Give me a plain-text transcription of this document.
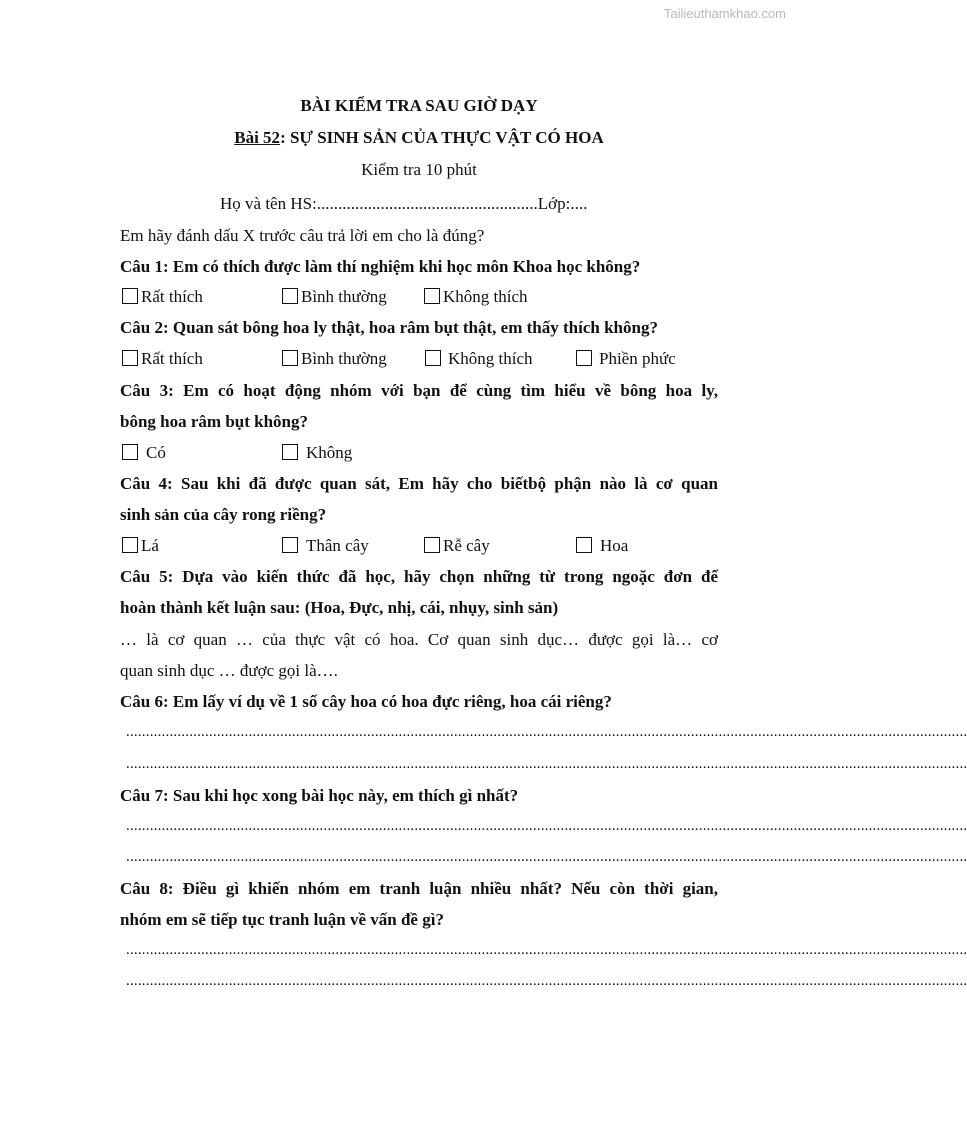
Tailieuthamkhao.com
BÀI KIỂM TRA SAU GIỜ DẠY
Bài 52: SỰ SINH SẢN CỦA THỰC VẬT CÓ HOA
Kiểm tra 10 phút
Họ và tên HS:....................................................Lớp:....
Em hãy đánh dấu X trước câu trả lời em cho là đúng?
Câu 1: Em có thích được làm thí nghiệm khi học môn Khoa học không?
Rất thích	Bình thường	Không thích
Câu 2: Quan sát bông hoa ly thật, hoa râm bụt thật, em thấy thích không?
Rất thích	Bình thường	Không thích	Phiền phức
Câu 3: Em có hoạt động nhóm với bạn để cùng tìm hiểu về bông hoa ly,
bông hoa râm bụt không?
Có	Không
Câu 4: Sau khi đã được quan sát, Em hãy cho biếtbộ phận nào là cơ quan
sinh sản của cây rong riềng?
Lá	Thân cây	Rễ cây	Hoa
Câu 5: Dựa vào kiến thức đã học, hãy chọn những từ trong ngoặc đơn để
hoàn thành kết luận sau: (Hoa, Đực, nhị, cái, nhụy, sinh sản)
… là cơ quan … của thực vật có hoa. Cơ quan sinh dục… được gọi là… cơ
quan sinh dục … được gọi là….
Câu 6: Em lấy ví dụ về 1 số cây hoa có hoa đực riêng, hoa cái riêng?
.....................................................................................................................................................................................................................
.....................................................................................................................................................................................................................
Câu 7: Sau khi học xong bài học này, em thích gì nhất?
.....................................................................................................................................................................................................................
.....................................................................................................................................................................................................................
Câu 8: Điều gì khiến nhóm em tranh luận nhiều nhất? Nếu còn thời gian,
nhóm em sẽ tiếp tục tranh luận về vấn đề gì?
.....................................................................................................................................................................................................................
.....................................................................................................................................................................................................................
